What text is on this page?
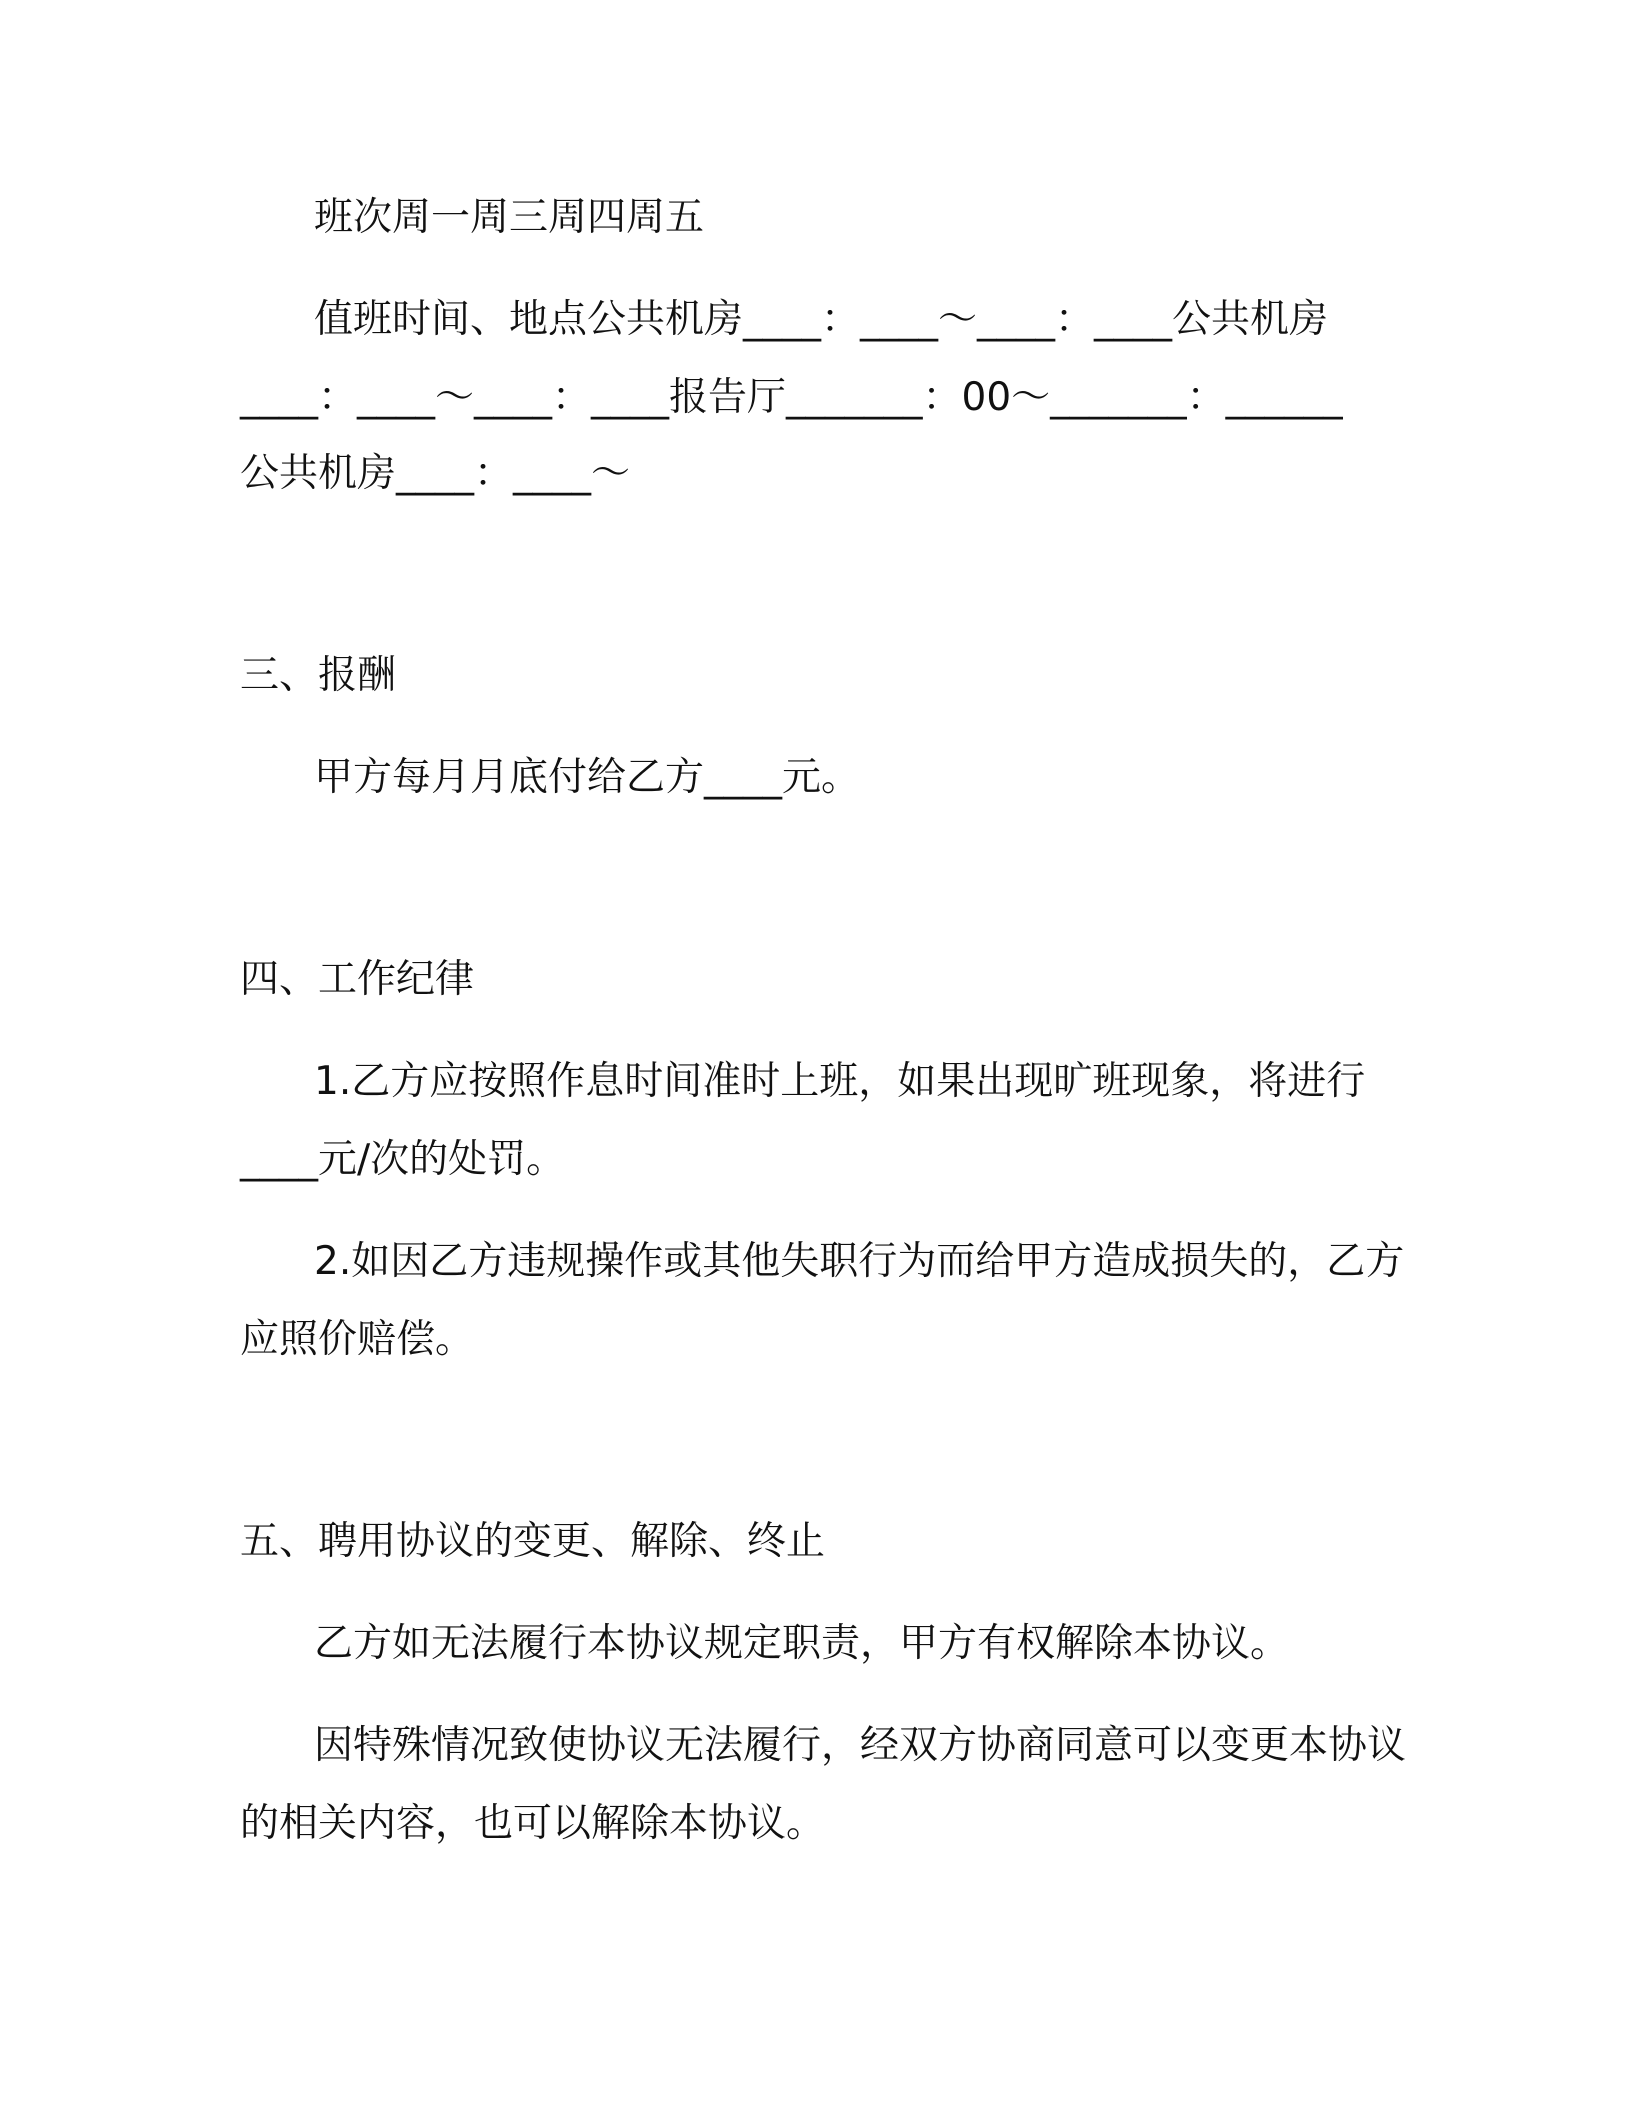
班次周一周三周四周五

值班时间、地点公共机房____：____～____：____公共机房

____：____～____：____报告厅_______：00～_______：______

公共机房____：____～

三、报酬

甲方每月月底付给乙方____元。

四、工作纪律

1.乙方应按照作息时间准时上班，如果出现旷班现象，将进行

____元/次的处罚。

2.如因乙方违规操作或其他失职行为而给甲方造成损失的，乙方

应照价赔偿。

五、聘用协议的变更、解除、终止

乙方如无法履行本协议规定职责，甲方有权解除本协议。

因特殊情况致使协议无法履行，经双方协商同意可以变更本协议

的相关内容，也可以解除本协议。
